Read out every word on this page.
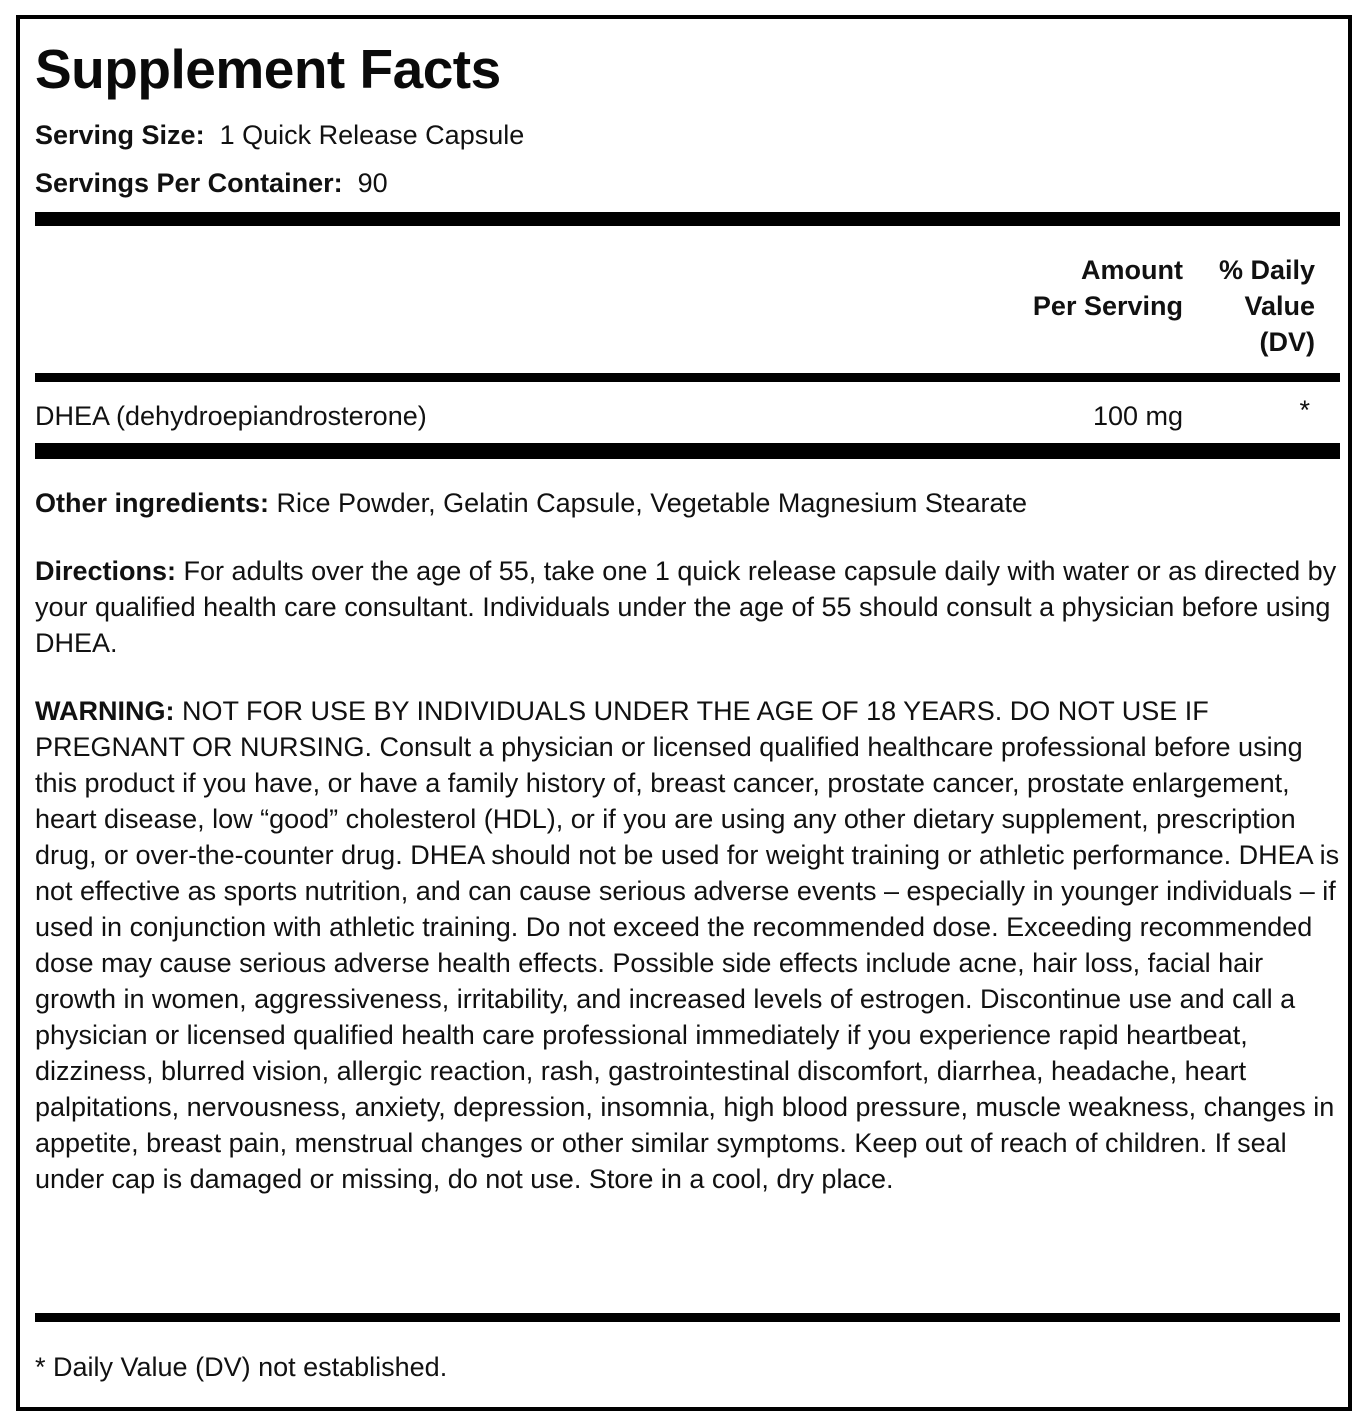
Supplement Facts
Serving Size: 1 Quick Release Capsule
Servings Per Container: 90
Amount
Per Serving
% Daily
Value
(DV)
DHEA (dehydroepiandrosterone)	100 mg	*

Other ingredients: Rice Powder, Gelatin Capsule, Vegetable Magnesium Stearate

Directions: For adults over the age of 55, take one 1 quick release capsule daily with water or as directed by your qualified health care consultant. Individuals under the age of 55 should consult a physician before using DHEA.

WARNING: NOT FOR USE BY INDIVIDUALS UNDER THE AGE OF 18 YEARS. DO NOT USE IF PREGNANT OR NURSING. Consult a physician or licensed qualified healthcare professional before using this product if you have, or have a family history of, breast cancer, prostate cancer, prostate enlargement, heart disease, low “good” cholesterol (HDL), or if you are using any other dietary supplement, prescription drug, or over-the-counter drug. DHEA should not be used for weight training or athletic performance. DHEA is not effective as sports nutrition, and can cause serious adverse events – especially in younger individuals – if used in conjunction with athletic training. Do not exceed the recommended dose. Exceeding recommended dose may cause serious adverse health effects. Possible side effects include acne, hair loss, facial hair growth in women, aggressiveness, irritability, and increased levels of estrogen. Discontinue use and call a physician or licensed qualified health care professional immediately if you experience rapid heartbeat, dizziness, blurred vision, allergic reaction, rash, gastrointestinal discomfort, diarrhea, headache, heart palpitations, nervousness, anxiety, depression, insomnia, high blood pressure, muscle weakness, changes in appetite, breast pain, menstrual changes or other similar symptoms. Keep out of reach of children. If seal under cap is damaged or missing, do not use. Store in a cool, dry place.

* Daily Value (DV) not established.
